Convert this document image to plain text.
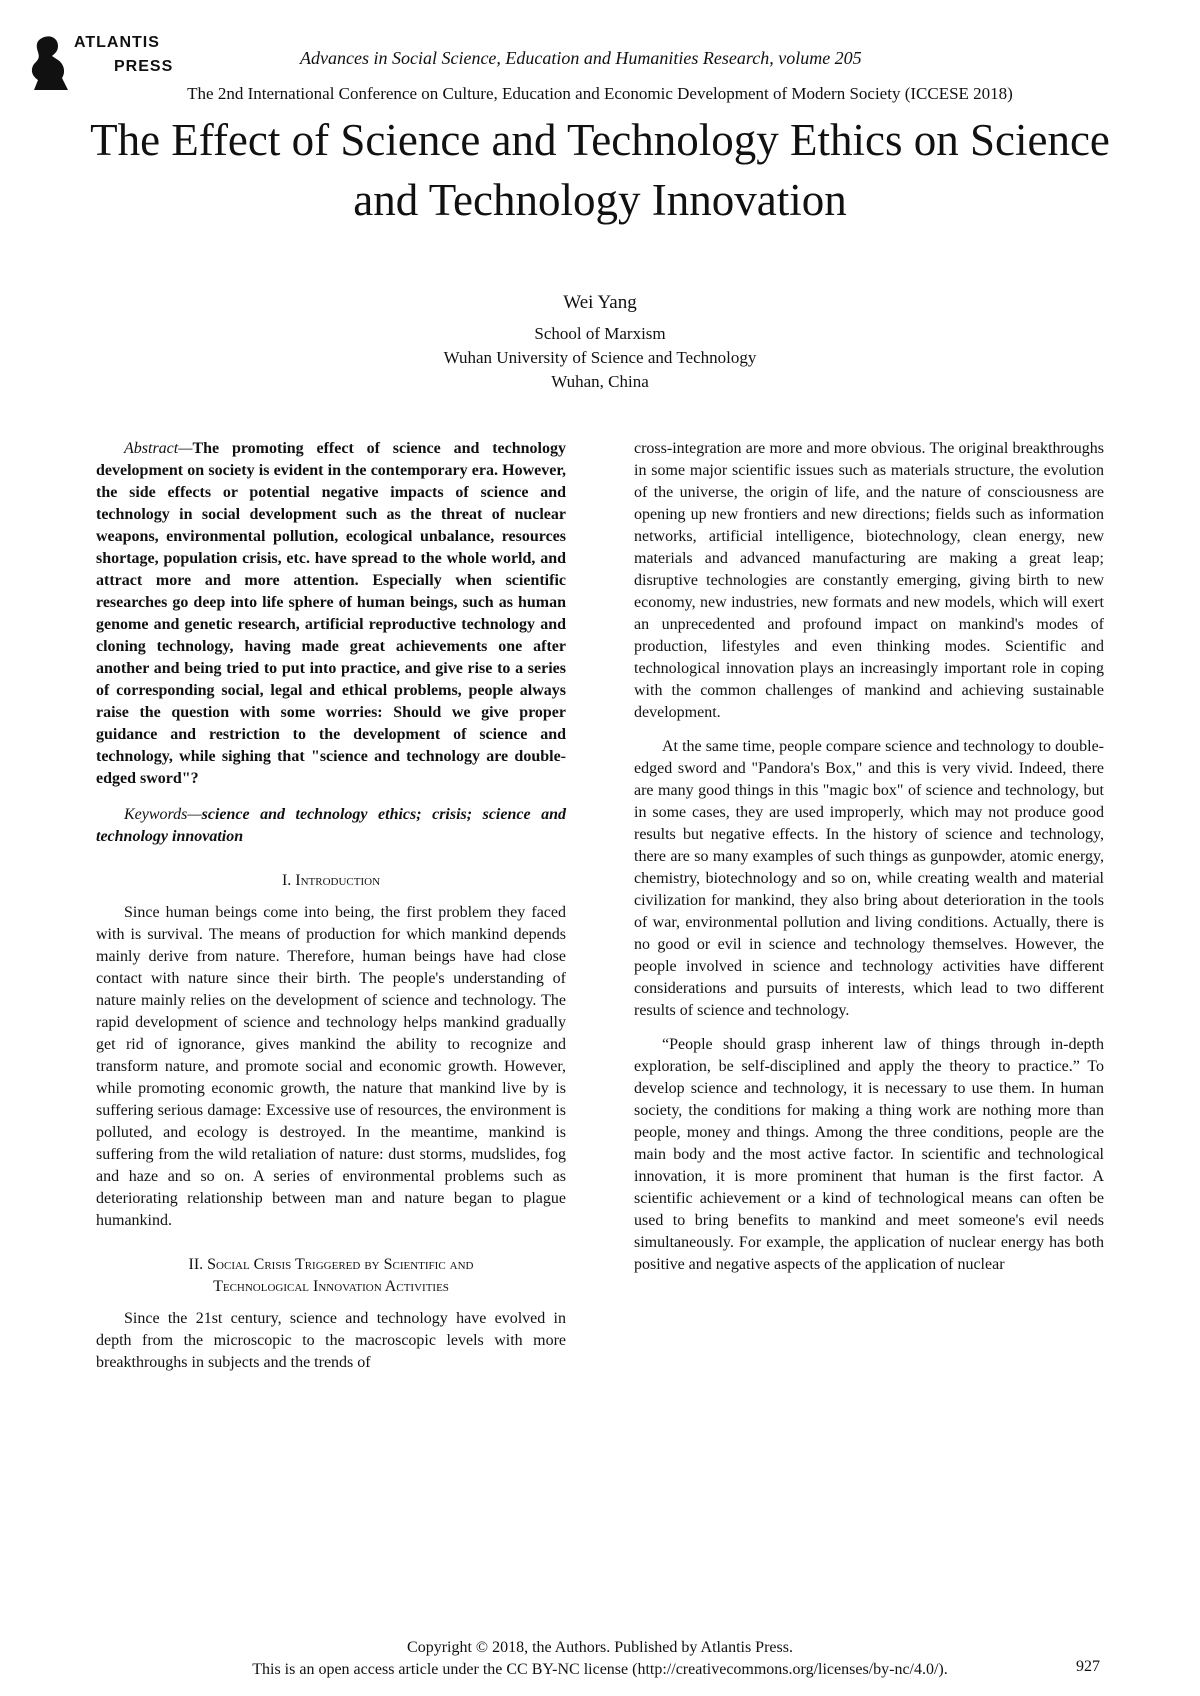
ATLANTIS
PRESS	Advances in Social Science, Education and Humanities Research, volume 205
The 2nd International Conference on Culture, Education and Economic Development of Modern Society (ICCESE 2018)
The Effect of Science and Technology Ethics on Science and Technology Innovation
Wei Yang
School of Marxism
Wuhan University of Science and Technology
Wuhan, China

Abstract—The promoting effect of science and technology development on society is evident in the contemporary era. However, the side effects or potential negative impacts of science and technology in social development such as the threat of nuclear weapons, environmental pollution, ecological unbalance, resources shortage, population crisis, etc. have spread to the whole world, and attract more and more attention. Especially when scientific researches go deep into life sphere of human beings, such as human genome and genetic research, artificial reproductive technology and cloning technology, having made great achievements one after another and being tried to put into practice, and give rise to a series of corresponding social, legal and ethical problems, people always raise the question with some worries: Should we give proper guidance and restriction to the development of science and technology, while sighing that "science and technology are double-edged sword"?

Keywords—science and technology ethics; crisis; science and technology innovation

I. Introduction

Since human beings come into being, the first problem they faced with is survival. The means of production for which mankind depends mainly derive from nature. Therefore, human beings have had close contact with nature since their birth. The people's understanding of nature mainly relies on the development of science and technology. The rapid development of science and technology helps mankind gradually get rid of ignorance, gives mankind the ability to recognize and transform nature, and promote social and economic growth. However, while promoting economic growth, the nature that mankind live by is suffering serious damage: Excessive use of resources, the environment is polluted, and ecology is destroyed. In the meantime, mankind is suffering from the wild retaliation of nature: dust storms, mudslides, fog and haze and so on. A series of environmental problems such as deteriorating relationship between man and nature began to plague humankind.

II. Social Crisis Triggered by Scientific and
Technological Innovation Activities

Since the 21st century, science and technology have evolved in depth from the microscopic to the macroscopic levels with more breakthroughs in subjects and the trends of

cross-integration are more and more obvious. The original breakthroughs in some major scientific issues such as materials structure, the evolution of the universe, the origin of life, and the nature of consciousness are opening up new frontiers and new directions; fields such as information networks, artificial intelligence, biotechnology, clean energy, new materials and advanced manufacturing are making a great leap; disruptive technologies are constantly emerging, giving birth to new economy, new industries, new formats and new models, which will exert an unprecedented and profound impact on mankind's modes of production, lifestyles and even thinking modes. Scientific and technological innovation plays an increasingly important role in coping with the common challenges of mankind and achieving sustainable development.

At the same time, people compare science and technology to double-edged sword and "Pandora's Box," and this is very vivid. Indeed, there are many good things in this "magic box" of science and technology, but in some cases, they are used improperly, which may not produce good results but negative effects. In the history of science and technology, there are so many examples of such things as gunpowder, atomic energy, chemistry, biotechnology and so on, while creating wealth and material civilization for mankind, they also bring about deterioration in the tools of war, environmental pollution and living conditions. Actually, there is no good or evil in science and technology themselves. However, the people involved in science and technology activities have different considerations and pursuits of interests, which lead to two different results of science and technology.

“People should grasp inherent law of things through in-depth exploration, be self-disciplined and apply the theory to practice.” To develop science and technology, it is necessary to use them. In human society, the conditions for making a thing work are nothing more than people, money and things. Among the three conditions, people are the main body and the most active factor. In scientific and technological innovation, it is more prominent that human is the first factor. A scientific achievement or a kind of technological means can often be used to bring benefits to mankind and meet someone's evil needs simultaneously. For example, the application of nuclear energy has both positive and negative aspects of the application of nuclear

Copyright © 2018, the Authors. Published by Atlantis Press.
This is an open access article under the CC BY-NC license (http://creativecommons.org/licenses/by-nc/4.0/).	927
